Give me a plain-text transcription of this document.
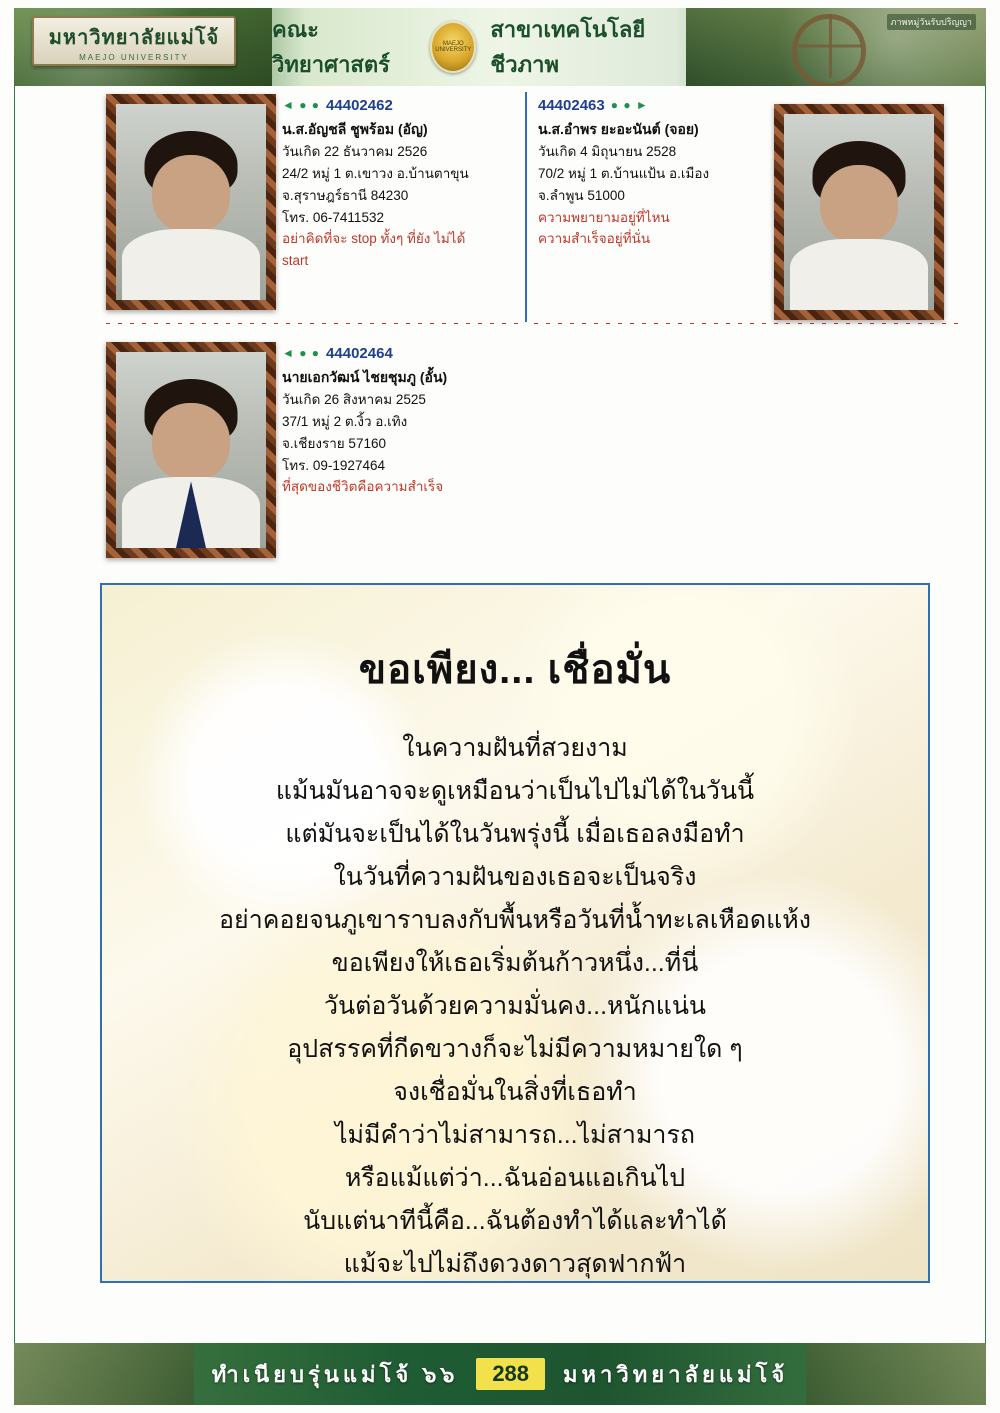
มหาวิทยาลัยแม่โจ้
MAEJO UNIVERSITY
คณะวิทยาศาสตร์
MAEJO UNIVERSITY
สาขาเทคโนโลยีชีวภาพ
ภาพหมู่วันรับปริญญา
◄ ● ● 44402462
น.ส.อัญชลี ชูพร้อม (อัญ)
วันเกิด 22 ธันวาคม 2526
24/2 หมู่ 1 ต.เขาวง อ.บ้านตาขุน
จ.สุราษฎร์ธานี 84230
โทร. 06-7411532
อย่าคิดที่จะ stop ทั้งๆ ที่ยัง ไม่ได้
start
44402463 ● ● ►
น.ส.อำพร ยะอะนันต์ (จอย)
วันเกิด 4 มิถุนายน 2528
70/2 หมู่ 1 ต.บ้านแป้น อ.เมือง
จ.ลำพูน 51000
ความพยายามอยู่ที่ไหน
ความสำเร็จอยู่ที่นั่น
◄ ● ● 44402464
นายเอกวัฒน์ ไชยชุมภู (อั้น)
วันเกิด 26 สิงหาคม 2525
37/1 หมู่ 2 ต.งิ้ว อ.เทิง
จ.เชียงราย 57160
โทร. 09-1927464
ที่สุดของชีวิตคือความสำเร็จ
ขอเพียง... เชื่อมั่น
ในความฝันที่สวยงาม
แม้นมันอาจจะดูเหมือนว่าเป็นไปไม่ได้ในวันนี้
แต่มันจะเป็นได้ในวันพรุ่งนี้ เมื่อเธอลงมือทำ
ในวันที่ความฝันของเธอจะเป็นจริง
อย่าคอยจนภูเขาราบลงกับพื้นหรือวันที่น้ำทะเลเหือดแห้ง
ขอเพียงให้เธอเริ่มต้นก้าวหนึ่ง...ที่นี่
วันต่อวันด้วยความมั่นคง...หนักแน่น
อุปสรรคที่กีดขวางก็จะไม่มีความหมายใด ๆ
จงเชื่อมั่นในสิ่งที่เธอทำ
ไม่มีคำว่าไม่สามารถ...ไม่สามารถ
หรือแม้แต่ว่า...ฉันอ่อนแอเกินไป
นับแต่นาทีนี้คือ...ฉันต้องทำได้และทำได้
แม้จะไปไม่ถึงดวงดาวสุดฟากฟ้า
ทำเนียบรุ่นแม่โจ้ ๖๖	288	มหาวิทยาลัยแม่โจ้
